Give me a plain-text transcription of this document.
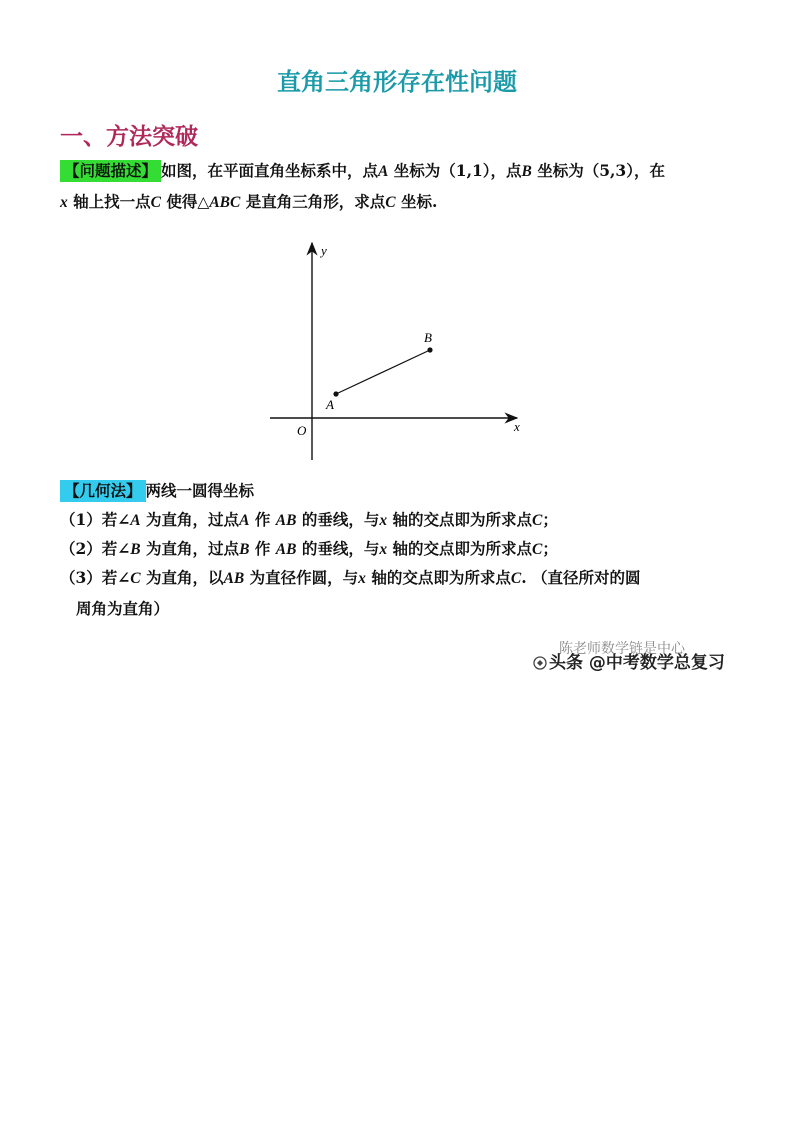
直角三角形存在性问题
一、方法突破
【问题描述】 如图，在平面直角坐标系中，点A 坐标为（1,1），点B 坐标为（5,3），在
x 轴上找一点C 使得△ABC 是直角三角形，求点C 坐标.
y
x
O
A
B
【几何法】 两线一圆得坐标
（1）若∠A 为直角，过点A 作 AB 的垂线，与x 轴的交点即为所求点C；
（2）若∠B 为直角，过点B 作 AB 的垂线，与x 轴的交点即为所求点C；
（3）若∠C 为直角，以AB 为直径作圆，与x 轴的交点即为所求点C. （直径所对的圆
周角为直角）
陈老师数学链是中心
头条 @中考数学总复习
